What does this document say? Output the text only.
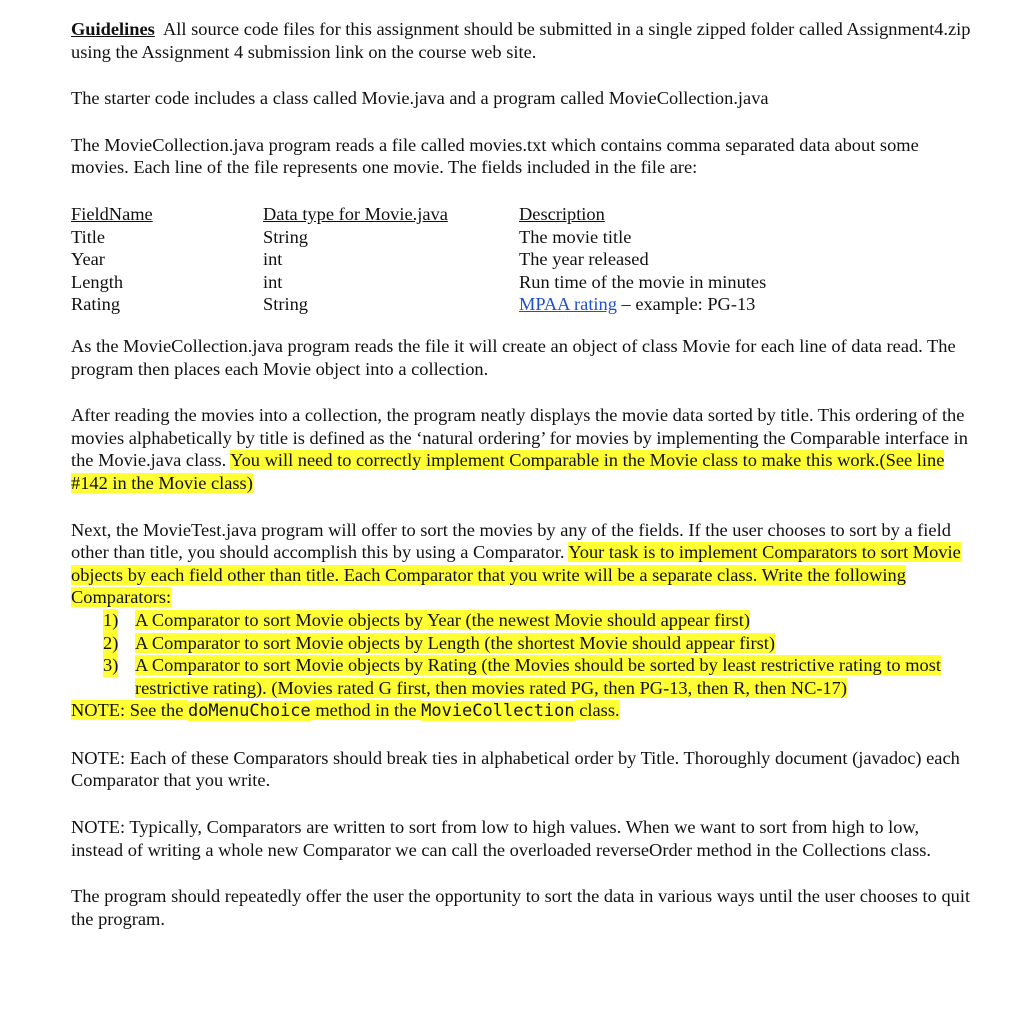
Guidelines All source code files for this assignment should be submitted in a single zipped folder called Assignment4.zip using the Assignment 4 submission link on the course web site.

The starter code includes a class called Movie.java and a program called MovieCollection.java

The MovieCollection.java program reads a file called movies.txt which contains comma separated data about some movies. Each line of the file represents one movie. The fields included in the file are:

FieldName
Title
Year
Length
Rating
Data type for Movie.java
String
int
int
String
Description
The movie title
The year released
Run time of the movie in minutes
MPAA rating – example: PG-13

As the MovieCollection.java program reads the file it will create an object of class Movie for each line of data read. The program then places each Movie object into a collection.

After reading the movies into a collection, the program neatly displays the movie data sorted by title. This ordering of the movies alphabetically by title is defined as the ‘natural ordering’ for movies by implementing the Comparable interface in the Movie.java class. You will need to correctly implement Comparable in the Movie class to make this work.(See line #142 in the Movie class)

Next, the MovieTest.java program will offer to sort the movies by any of the fields. If the user chooses to sort by a field other than title, you should accomplish this by using a Comparator. Your task is to implement Comparators to sort Movie objects by each field other than title. Each Comparator that you write will be a separate class. Write the following Comparators:

1) A Comparator to sort Movie objects by Year (the newest Movie should appear first)
2) A Comparator to sort Movie objects by Length (the shortest Movie should appear first)
3) A Comparator to sort Movie objects by Rating (the Movies should be sorted by least restrictive rating to most restrictive rating). (Movies rated G first, then movies rated PG, then PG-13, then R, then NC-17)

NOTE: See the doMenuChoice method in the MovieCollection class.

NOTE: Each of these Comparators should break ties in alphabetical order by Title. Thoroughly document (javadoc) each Comparator that you write.

NOTE: Typically, Comparators are written to sort from low to high values. When we want to sort from high to low, instead of writing a whole new Comparator we can call the overloaded reverseOrder method in the Collections class.

The program should repeatedly offer the user the opportunity to sort the data in various ways until the user chooses to quit the program.
